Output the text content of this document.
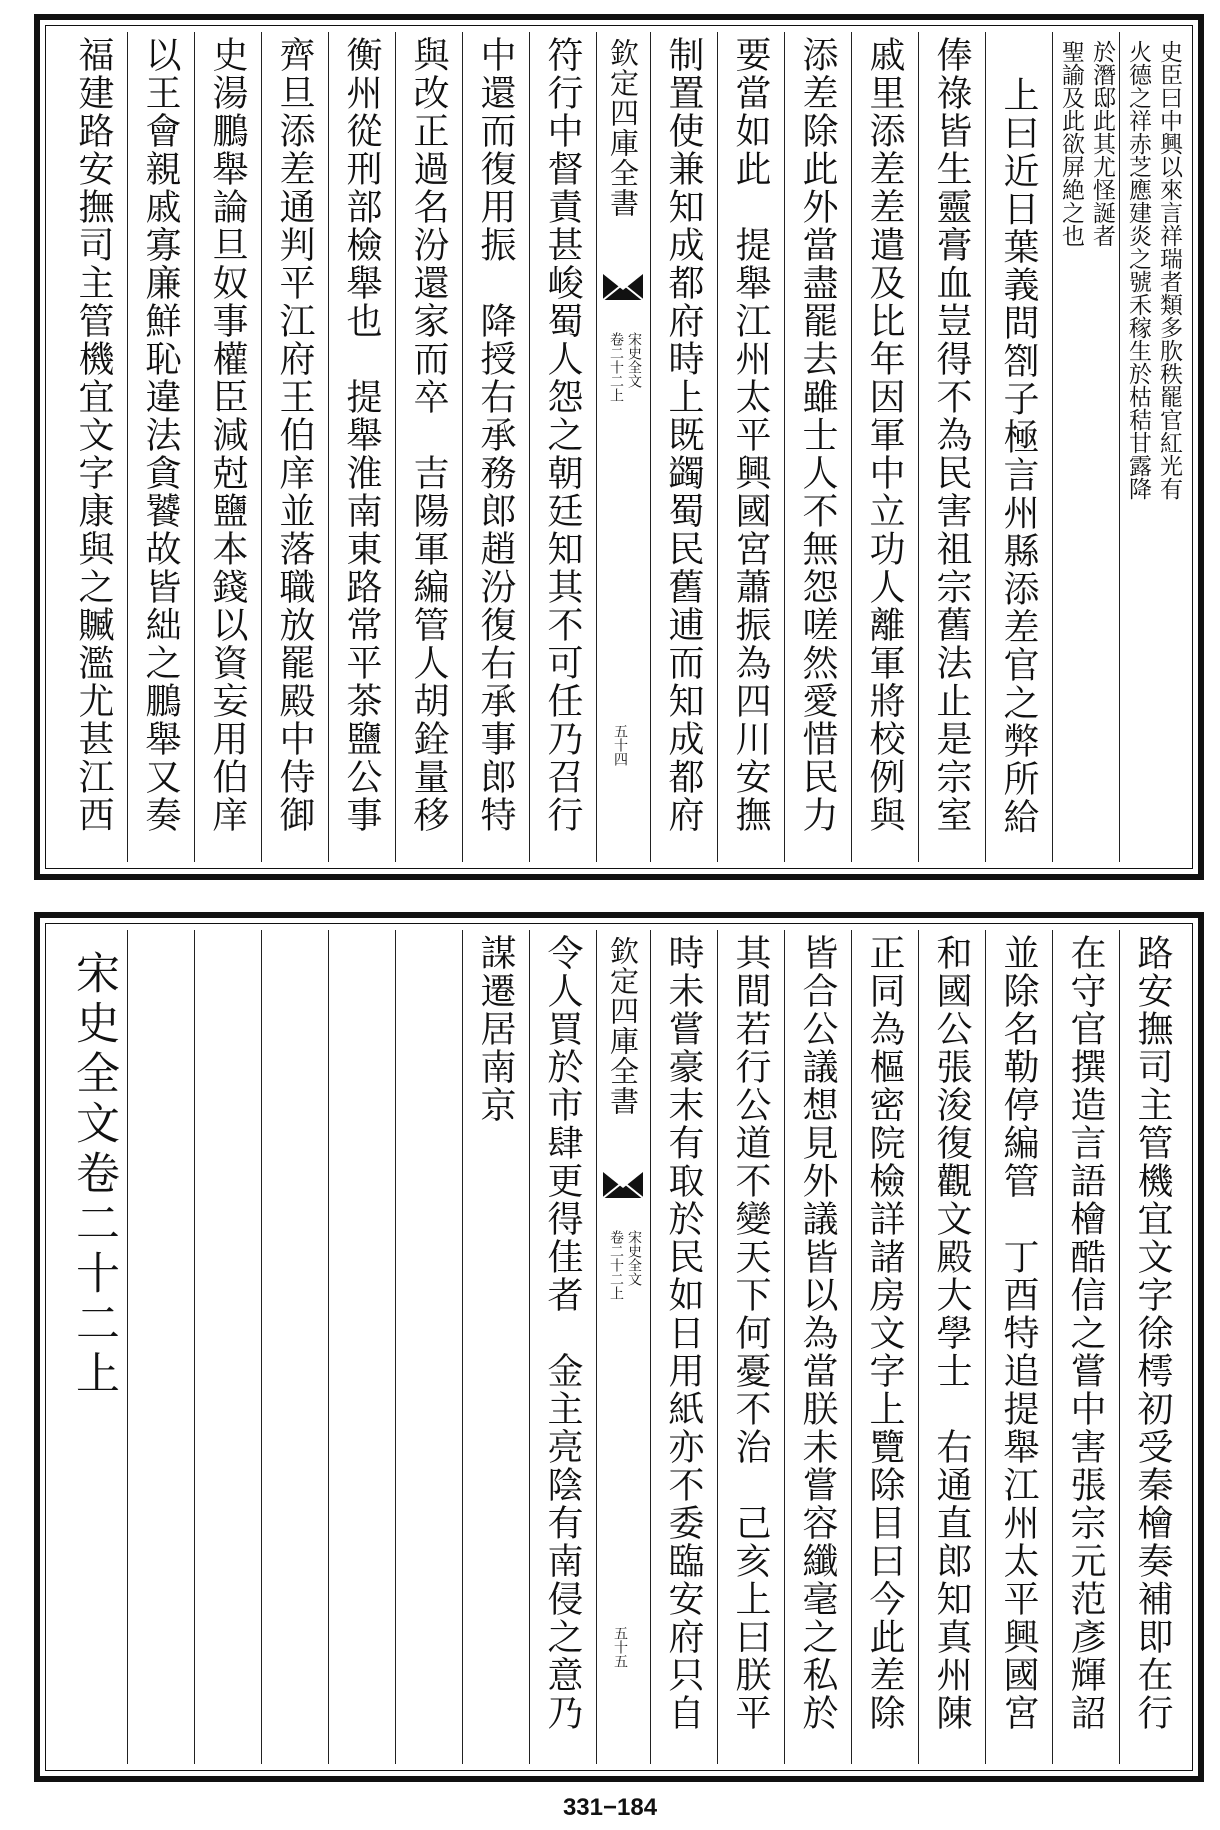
史臣曰中興以來言祥瑞者類多肷秩罷官紅光有
火德之祥赤芝應建炎之號禾稼生於枯秸甘露降
於潛邸此其尤怪誕者
聖諭及此欲屏絶之也
上曰近日葉義問劄子極言州縣添差官之弊所給
俸祿皆生靈膏血豈得不為民害祖宗舊法止是宗室
戚里添差差遣及比年因軍中立功人離軍將校例與
添差除此外當盡罷去雖士人不無怨嗟然愛惜民力
要當如此　提舉江州太平興國宮蕭振為四川安撫
制置使兼知成都府時上既蠲蜀民舊逋而知成都府
欽定四庫全書
宋史全文
卷二十二上
五十四
符行中督責甚峻蜀人怨之朝廷知其不可任乃召行
中還而復用振　降授右承務郎趙汾復右承事郎特
與改正過名汾還家而卒　吉陽軍編管人胡銓量移
衡州從刑部檢舉也　提舉淮南東路常平茶鹽公事
齊旦添差通判平江府王伯庠並落職放罷殿中侍御
史湯鵬舉論旦奴事權臣減尅鹽本錢以資妄用伯庠
以王會親戚寡廉鮮恥違法貪饕故皆絀之鵬舉又奏
福建路安撫司主管機宜文字康與之贓濫尤甚江西
路安撫司主管機宜文字徐樗初受秦檜奏補即在行
在守官撰造言語檜酷信之嘗中害張宗元范彥輝詔
並除名勒停編管　丁酉特追提舉江州太平興國宮
和國公張浚復觀文殿大學士　右通直郎知真州陳
正同為樞密院檢詳諸房文字上覽除目曰今此差除
皆合公議想見外議皆以為當朕未嘗容纖毫之私於
其間若行公道不變天下何憂不治　己亥上曰朕平
時未嘗豪末有取於民如日用紙亦不委臨安府只自
欽定四庫全書
宋史全文
卷二十二上
五十五
令人買於市肆更得佳者　金主亮陰有南侵之意乃
謀遷居南京
宋史全文卷二十二上
331−184
